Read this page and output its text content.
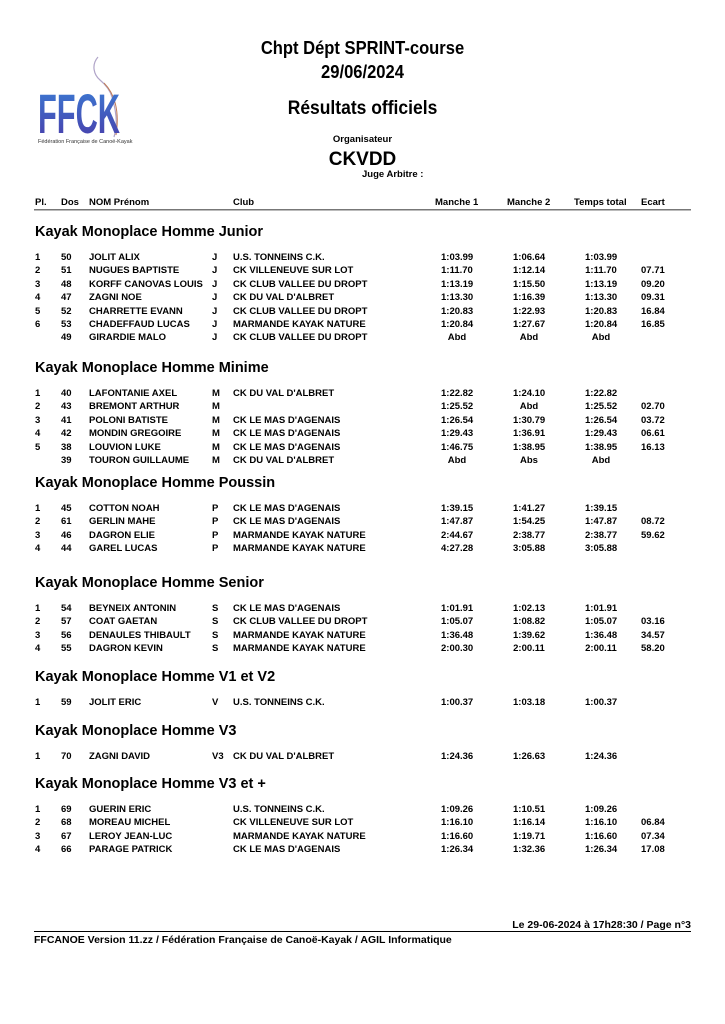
FFCK
Fédération Française de Canoë-Kayak
Chpt Dépt SPRINT-course
29/06/2024
Résultats officiels
Organisateur
CKVDD
Juge Arbitre :
Pl. Dos NOM Prénom	Club	Manche 1	Manche 2 Temps total Ecart
Kayak Monoplace Homme Junior
1 50 JOLIT ALIX	J U.S. TONNEINS C.K.	1:03.99	1:06.64	1:03.99
2 51 NUGUES BAPTISTE	J CK VILLENEUVE SUR LOT	1:11.70	1:12.14	1:11.70	07.71
3 48 KORFF CANOVAS LOUIS J CK CLUB VALLEE DU DROPT	1:13.19	1:15.50	1:13.19	09.20
4 47 ZAGNI NOE	J CK DU VAL D'ALBRET	1:13.30	1:16.39	1:13.30	09.31
5 52 CHARRETTE EVANN	J CK CLUB VALLEE DU DROPT	1:20.83	1:22.93	1:20.83	16.84
6 53 CHADEFFAUD LUCAS J MARMANDE KAYAK NATURE	1:20.84	1:27.67	1:20.84	16.85
49 GIRARDIE MALO	J CK CLUB VALLEE DU DROPT	Abd	Abd	Abd
Kayak Monoplace Homme Minime
1 40 LAFONTANIE AXEL	M CK DU VAL D'ALBRET	1:22.82	1:24.10	1:22.82
2 43 BREMONT ARTHUR	M	1:25.52	Abd	1:25.52	02.70
3 41 POLONI BATISTE	M CK LE MAS D'AGENAIS	1:26.54	1:30.79	1:26.54	03.72
4 42 MONDIN GREGOIRE	M CK LE MAS D'AGENAIS	1:29.43	1:36.91	1:29.43	06.61
5 38 LOUVION LUKE	M CK LE MAS D'AGENAIS	1:46.75	1:38.95	1:38.95	16.13
39 TOURON GUILLAUME M CK DU VAL D'ALBRET	Abd	Abs	Abd
Kayak Monoplace Homme Poussin
1 45 COTTON NOAH	P CK LE MAS D'AGENAIS	1:39.15	1:41.27	1:39.15
2 61 GERLIN MAHE	P CK LE MAS D'AGENAIS	1:47.87	1:54.25	1:47.87	08.72
3 46 DAGRON ELIE	P MARMANDE KAYAK NATURE	2:44.67	2:38.77	2:38.77	59.62
4 44 GAREL LUCAS	P MARMANDE KAYAK NATURE	4:27.28	3:05.88	3:05.88
Kayak Monoplace Homme Senior
1 54 BEYNEIX ANTONIN	S CK LE MAS D'AGENAIS	1:01.91	1:02.13	1:01.91
2 57 COAT GAETAN	S CK CLUB VALLEE DU DROPT	1:05.07	1:08.82	1:05.07	03.16
3 56 DENAULES THIBAULT S MARMANDE KAYAK NATURE	1:36.48	1:39.62	1:36.48	34.57
4 55 DAGRON KEVIN	S MARMANDE KAYAK NATURE	2:00.30	2:00.11	2:00.11	58.20
Kayak Monoplace Homme V1 et V2
1 59 JOLIT ERIC	V U.S. TONNEINS C.K.	1:00.37	1:03.18	1:00.37
Kayak Monoplace Homme V3
1 70 ZAGNI DAVID	V3 CK DU VAL D'ALBRET	1:24.36	1:26.63	1:24.36
Kayak Monoplace Homme V3 et +
1 69 GUERIN ERIC	U.S. TONNEINS C.K.	1:09.26	1:10.51	1:09.26
2 68 MOREAU MICHEL	CK VILLENEUVE SUR LOT	1:16.10	1:16.14	1:16.10	06.84
3 67 LEROY JEAN-LUC	MARMANDE KAYAK NATURE	1:16.60	1:19.71	1:16.60	07.34
4 66 PARAGE PATRICK	CK LE MAS D'AGENAIS	1:26.34	1:32.36	1:26.34	17.08
Le 29-06-2024 à 17h28:30 / Page n°3
FFCANOE Version 11.zz / Fédération Française de Canoë-Kayak / AGIL Informatique
